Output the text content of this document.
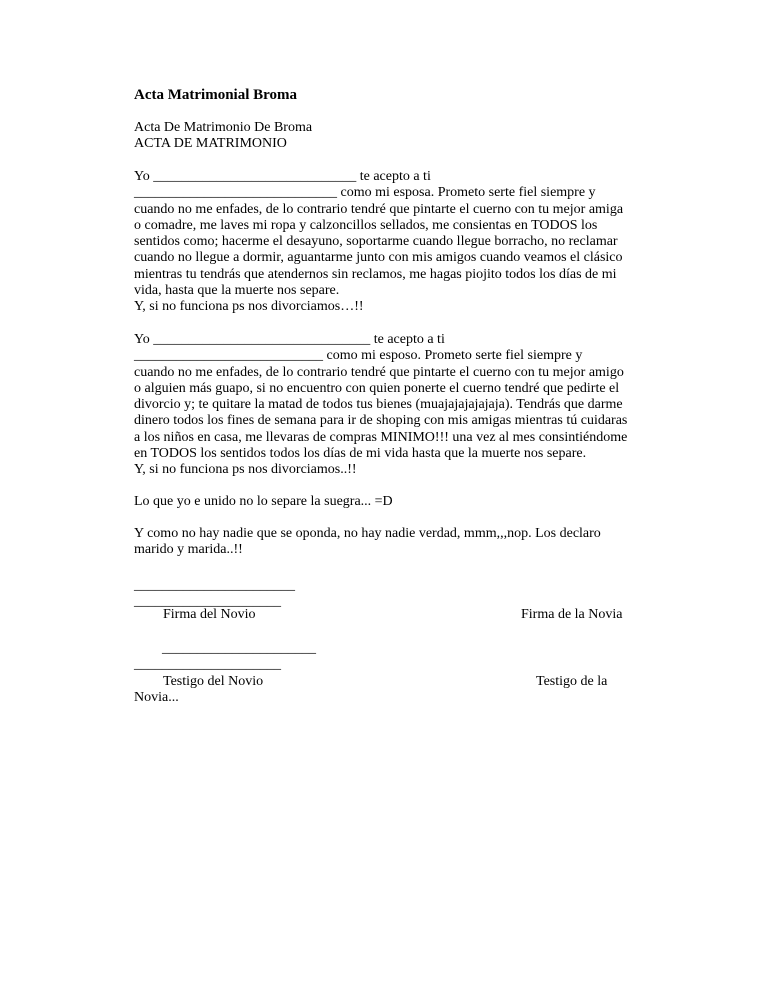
Acta Matrimonial Broma
Acta De Matrimonio De Broma
ACTA DE MATRIMONIO
Yo _____________________________ te acepto a ti
_____________________________ como mi esposa. Prometo serte fiel siempre y
cuando no me enfades, de lo contrario tendré que pintarte el cuerno con tu mejor amiga
o comadre, me laves mi ropa y calzoncillos sellados, me consientas en TODOS los
sentidos como; hacerme el desayuno, soportarme cuando llegue borracho, no reclamar
cuando no llegue a dormir, aguantarme junto con mis amigos cuando veamos el clásico
mientras tu tendrás que atendernos sin reclamos, me hagas piojito todos los días de mi
vida, hasta que la muerte nos separe.
Y, si no funciona ps nos divorciamos…!!
Yo _______________________________ te acepto a ti
___________________________ como mi esposo. Prometo serte fiel siempre y
cuando no me enfades, de lo contrario tendré que pintarte el cuerno con tu mejor amigo
o alguien más guapo, si no encuentro con quien ponerte el cuerno tendré que pedirte el
divorcio y; te quitare la matad de todos tus bienes (muajajajajajaja). Tendrás que darme
dinero todos los fines de semana para ir de shoping con mis amigas mientras tú cuidaras
a los niños en casa, me llevaras de compras MINIMO!!! una vez al mes consintiéndome
en TODOS los sentidos todos los días de mi vida hasta que la muerte nos separe.
Y, si no funciona ps nos divorciamos..!!
Lo que yo e unido no lo separe la suegra... =D
Y como no hay nadie que se oponda, no hay nadie verdad, mmm,,,nop. Los declaro
marido y marida..!!
_______________________
_____________________
Firma del Novio	Firma de la Novia
______________________
_____________________
Testigo del Novio	Testigo de la
Novia...
